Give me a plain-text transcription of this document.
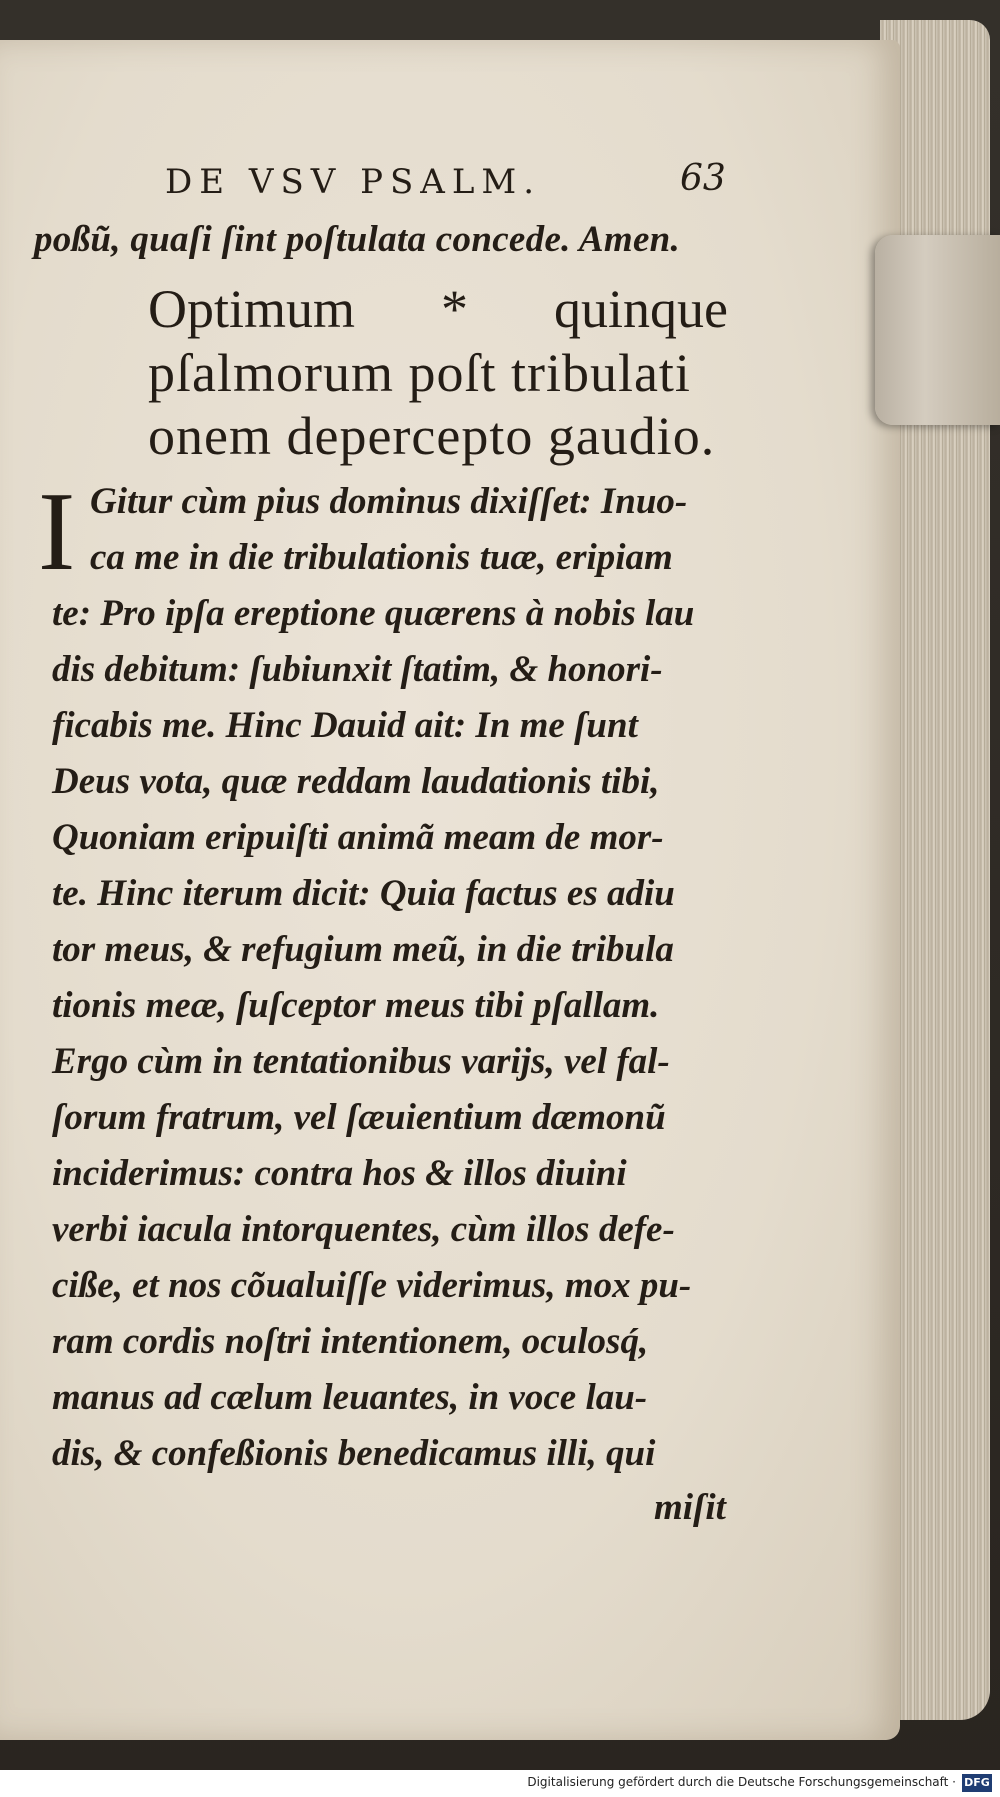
DE VSV PSALM.	63
poßũ, quaſi ſint poſtulata concede. Amen.
Optimum * quinque
pſalmorum poſt tribulati
onem depercepto gaudio.
I Gitur cùm pius dominus dixiſſet: Inuo-
ca me in die tribulationis tuæ, eripiam
te: Pro ipſa ereptione quærens à nobis lau
dis debitum: ſubiunxit ſtatim, & honori-
ficabis me. Hinc Dauid ait: In me ſunt
Deus vota, quæ reddam laudationis tibi,
Quoniam eripuiſti animã meam de mor-
te. Hinc iterum dicit: Quia factus es adiu
tor meus, & refugium meũ, in die tribula
tionis meæ, ſuſceptor meus tibi pſallam.
Ergo cùm in tentationibus varijs, vel fal-
ſorum fratrum, vel ſæuientium dæmonũ
inciderimus: contra hos & illos diuini
verbi iacula intorquentes, cùm illos defe-
ciße, et nos cõualuiſſe viderimus, mox pu-
ram cordis noſtri intentionem, oculosq́,
manus ad cælum leuantes, in voce lau-
dis, & confeßionis benedicamus illi, qui
miſit
Digitalisierung gefördert durch die Deutsche Forschungsgemeinschaft · DFG
